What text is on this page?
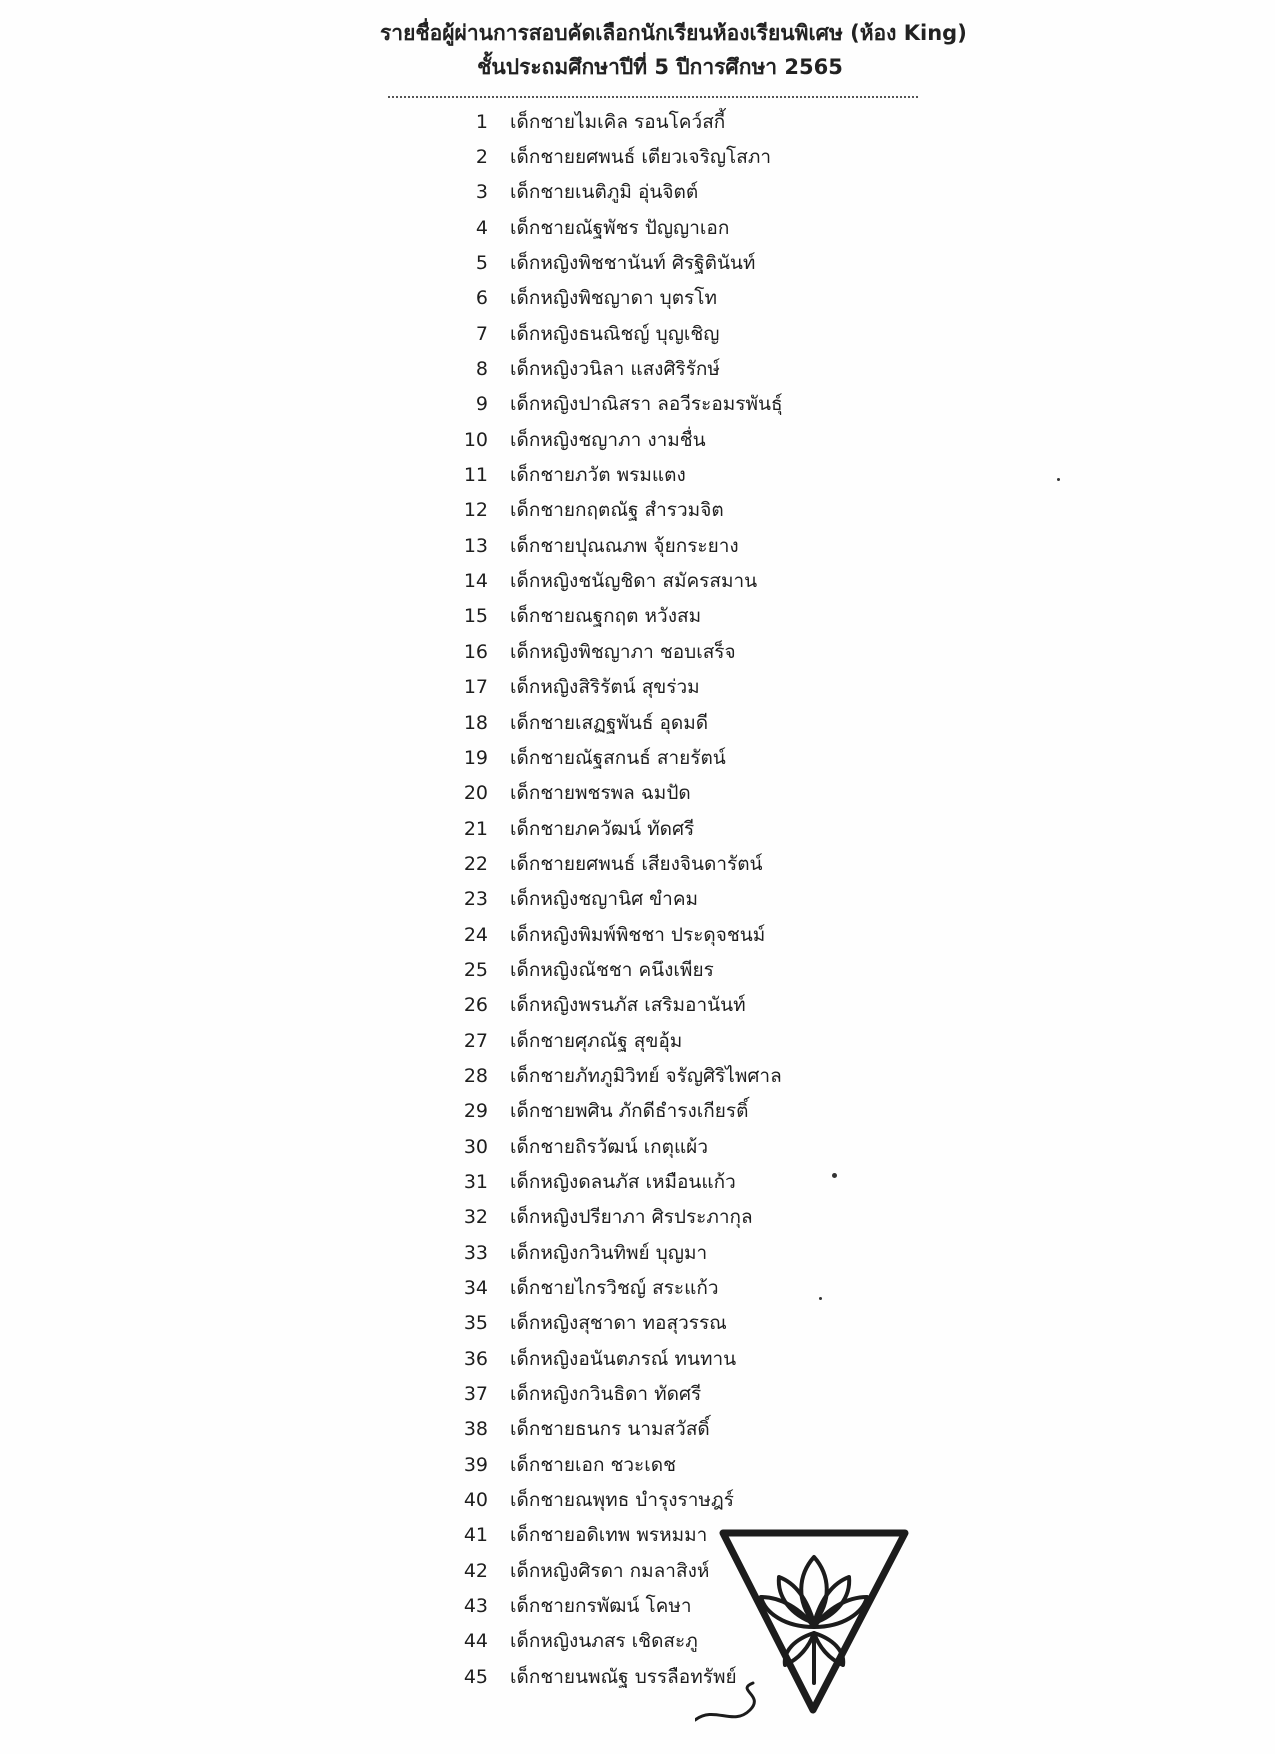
รายชื่อผู้ผ่านการสอบคัดเลือกนักเรียนห้องเรียนพิเศษ (ห้อง King)
ชั้นประถมศึกษาปีที่ 5 ปีการศึกษา 2565
1	เด็กชายไมเคิล รอนโคว์สกี้
2	เด็กชายยศพนธ์ เตียวเจริญโสภา
3	เด็กชายเนติภูมิ อุ่นจิตต์
4	เด็กชายณัฐพัชร ปัญญาเอก
5	เด็กหญิงพิชชานันท์ ศิรฐิตินันท์
6	เด็กหญิงพิชญาดา บุตรโท
7	เด็กหญิงธนณิชญ์ บุญเชิญ
8	เด็กหญิงวนิลา แสงศิริรักษ์
9	เด็กหญิงปาณิสรา ลอวีระอมรพันธุ์
10	เด็กหญิงชญาภา งามชื่น
11	เด็กชายภวัต พรมแตง
12	เด็กชายกฤตณัฐ สำรวมจิต
13	เด็กชายปุณณภพ จุ้ยกระยาง
14	เด็กหญิงชนัญชิดา สมัครสมาน
15	เด็กชายณฐกฤต หวังสม
16	เด็กหญิงพิชญาภา ชอบเสร็จ
17	เด็กหญิงสิริรัตน์ สุขร่วม
18	เด็กชายเสฏฐพันธ์ อุดมดี
19	เด็กชายณัฐสกนธ์ สายรัตน์
20	เด็กชายพชรพล ฉมปัด
21	เด็กชายภควัฒน์ ทัดศรี
22	เด็กชายยศพนธ์ เสียงจินดารัตน์
23	เด็กหญิงชญานิศ ขำคม
24	เด็กหญิงพิมพ์พิชชา ประดุจชนม์
25	เด็กหญิงณัชชา คนึงเพียร
26	เด็กหญิงพรนภัส เสริมอานันท์
27	เด็กชายศุภณัฐ สุขอุ้ม
28	เด็กชายภัทภูมิวิทย์ จรัญศิริไพศาล
29	เด็กชายพศิน ภักดีธำรงเกียรติ์
30	เด็กชายถิรวัฒน์ เกตุแผ้ว
31	เด็กหญิงดลนภัส เหมือนแก้ว
32	เด็กหญิงปรียาภา ศิรประภากุล
33	เด็กหญิงกวินทิพย์ บุญมา
34	เด็กชายไกรวิชญ์ สระแก้ว
35	เด็กหญิงสุชาดา ทอสุวรรณ
36	เด็กหญิงอนันตภรณ์ ทนทาน
37	เด็กหญิงกวินธิดา ทัดศรี
38	เด็กชายธนกร นามสวัสดิ์
39	เด็กชายเอก ชวะเดช
40	เด็กชายณพุทธ บำรุงราษฎร์
41	เด็กชายอดิเทพ พรหมมา
42	เด็กหญิงศิรดา กมลาสิงห์
43	เด็กชายกรพัฒน์ โคษา
44	เด็กหญิงนภสร เชิดสะภู
45	เด็กชายนพณัฐ บรรลือทรัพย์
